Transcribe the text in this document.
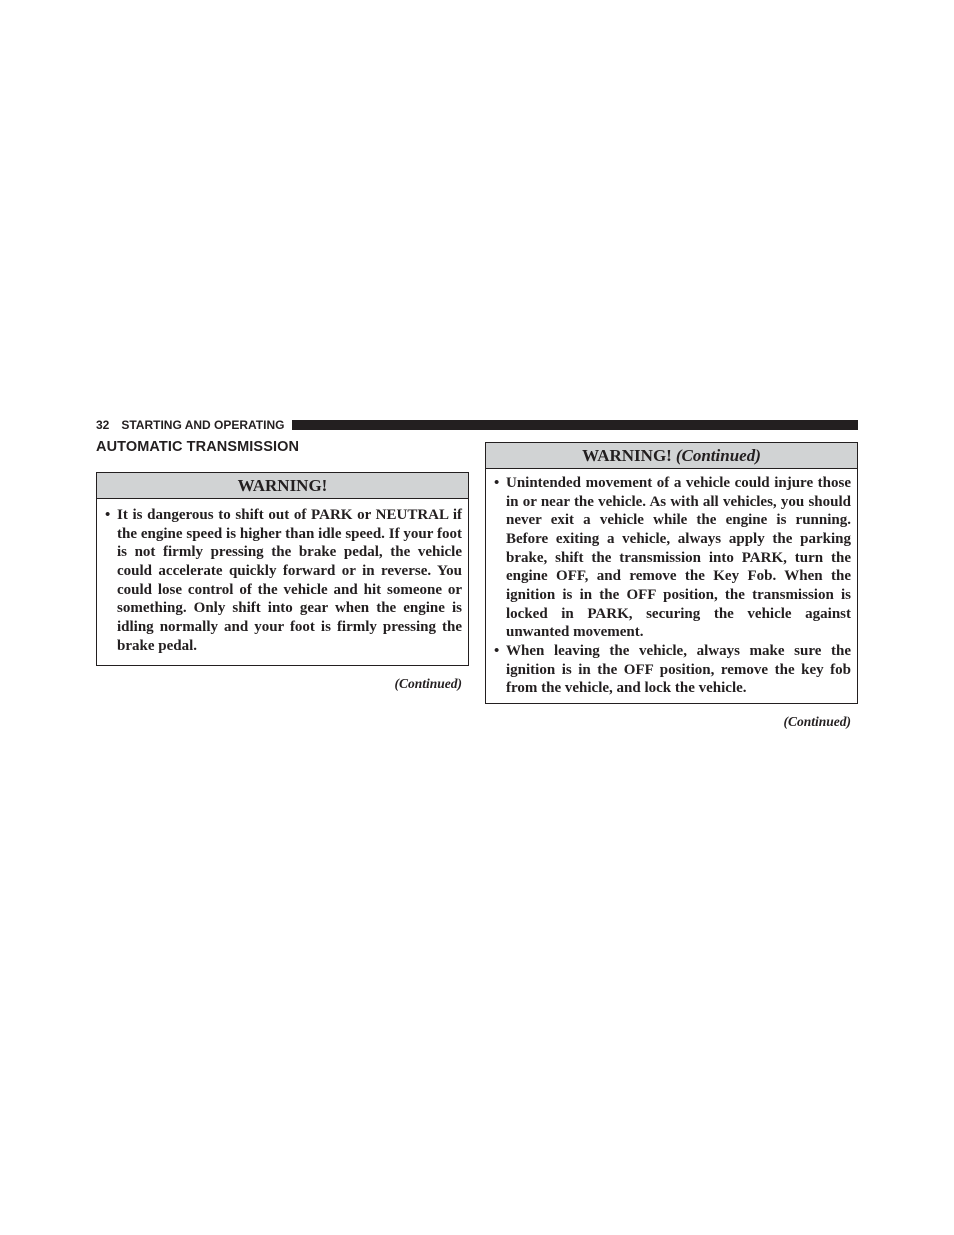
32 STARTING AND OPERATING
AUTOMATIC TRANSMISSION
WARNING!
• It is dangerous to shift out of PARK or NEUTRAL if the engine speed is higher than idle speed. If your foot is not firmly pressing the brake pedal, the vehicle could accelerate quickly forward or in reverse. You could lose control of the vehicle and hit someone or something. Only shift into gear when the engine is idling normally and your foot is firmly pressing the brake pedal.
(Continued)
WARNING! (Continued)
• Unintended movement of a vehicle could injure those in or near the vehicle. As with all vehicles, you should never exit a vehicle while the engine is running. Before exiting a vehicle, always apply the parking brake, shift the transmission into PARK, turn the engine OFF, and remove the Key Fob. When the ignition is in the OFF position, the transmission is locked in PARK, securing the vehicle against unwanted movement.
• When leaving the vehicle, always make sure the ignition is in the OFF position, remove the key fob from the vehicle, and lock the vehicle.
(Continued)
